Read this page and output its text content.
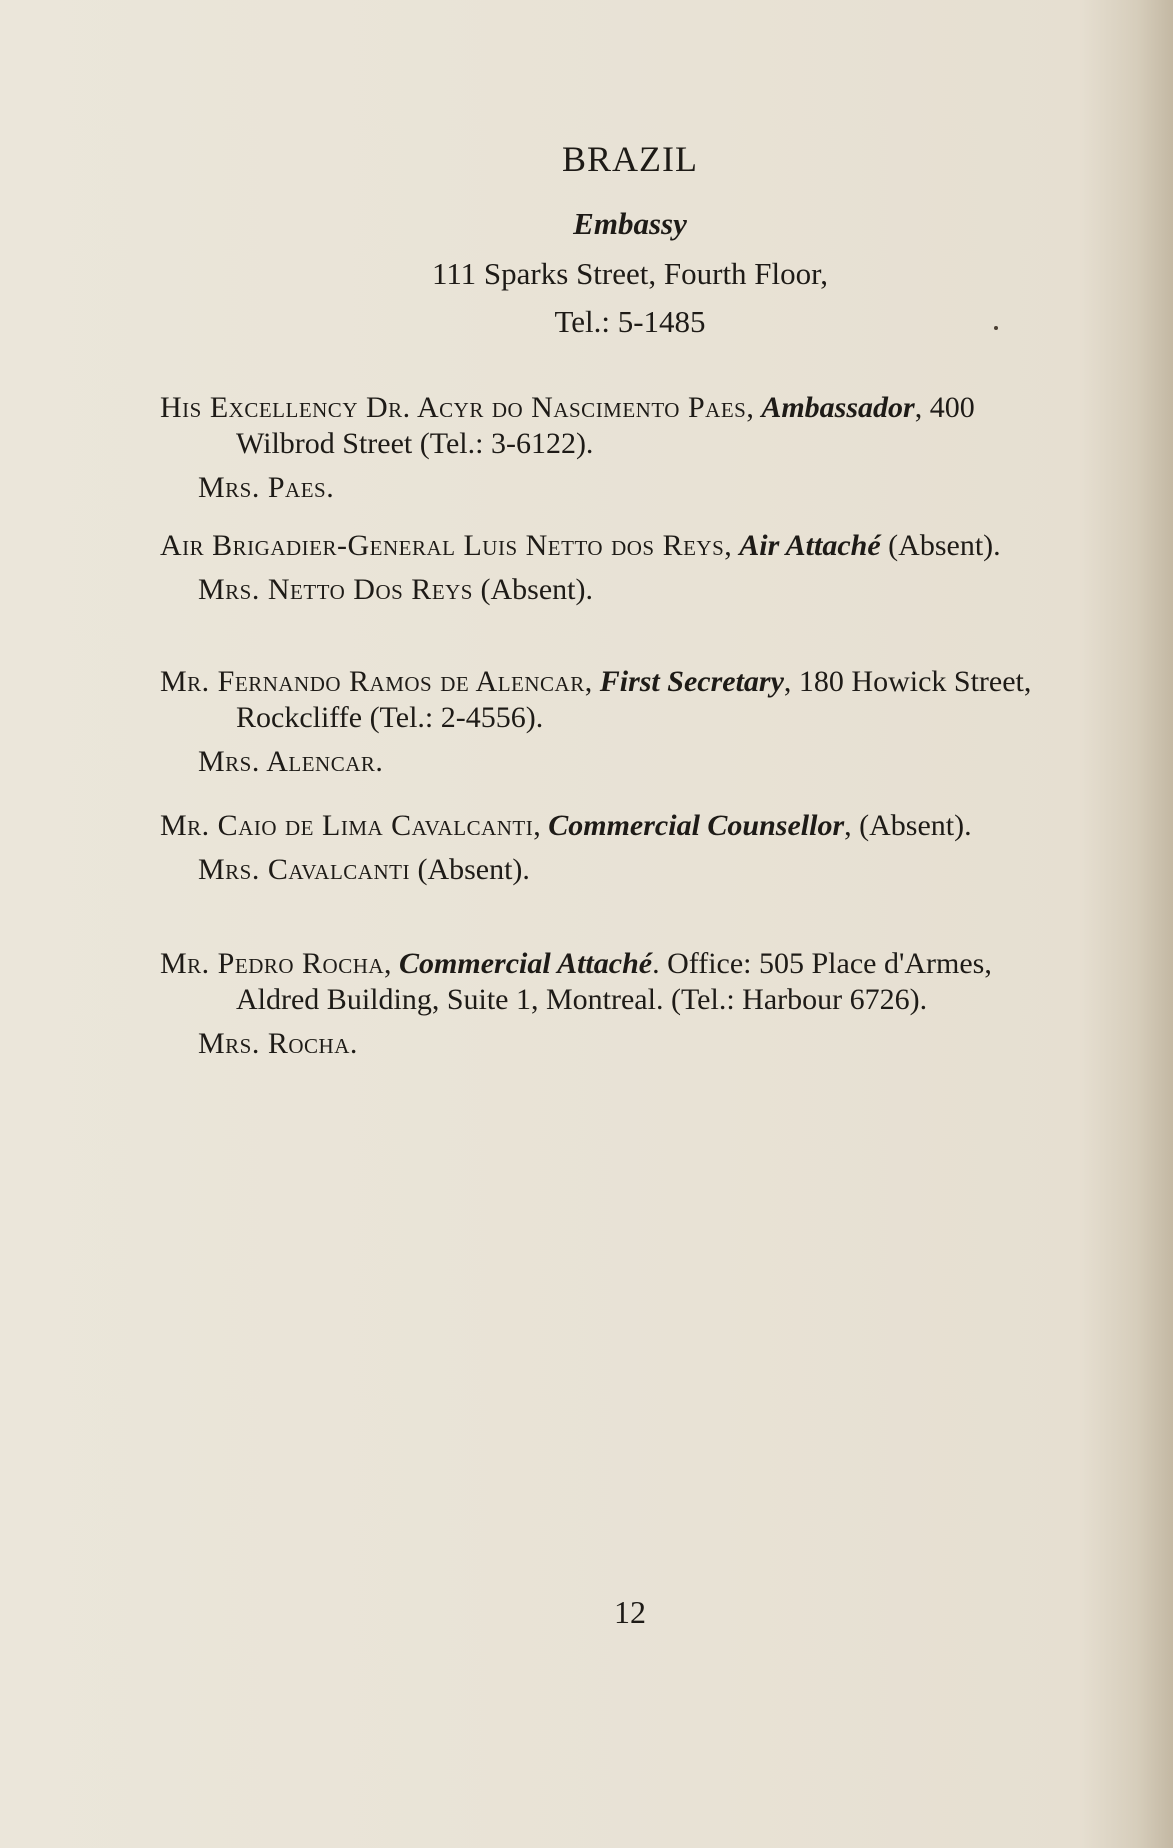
BRAZIL
Embassy
111 Sparks Street, Fourth Floor,
Tel.: 5-1485

His Excellency Dr. Acyr do Nascimento Paes, Ambassador, 400 Wilbrod Street (Tel.: 3-6122).

Mrs. Paes.

Air Brigadier-General Luis Netto dos Reys, Air Attaché (Absent).

Mrs. Netto Dos Reys (Absent).

Mr. Fernando Ramos de Alencar, First Secretary, 180 Howick Street, Rockcliffe (Tel.: 2-4556).

Mrs. Alencar.

Mr. Caio de Lima Cavalcanti, Commercial Counsellor, (Absent).

Mrs. Cavalcanti (Absent).

Mr. Pedro Rocha, Commercial Attaché. Office: 505 Place d'Armes, Aldred Building, Suite 1, Montreal. (Tel.: Harbour 6726).

Mrs. Rocha.

12
